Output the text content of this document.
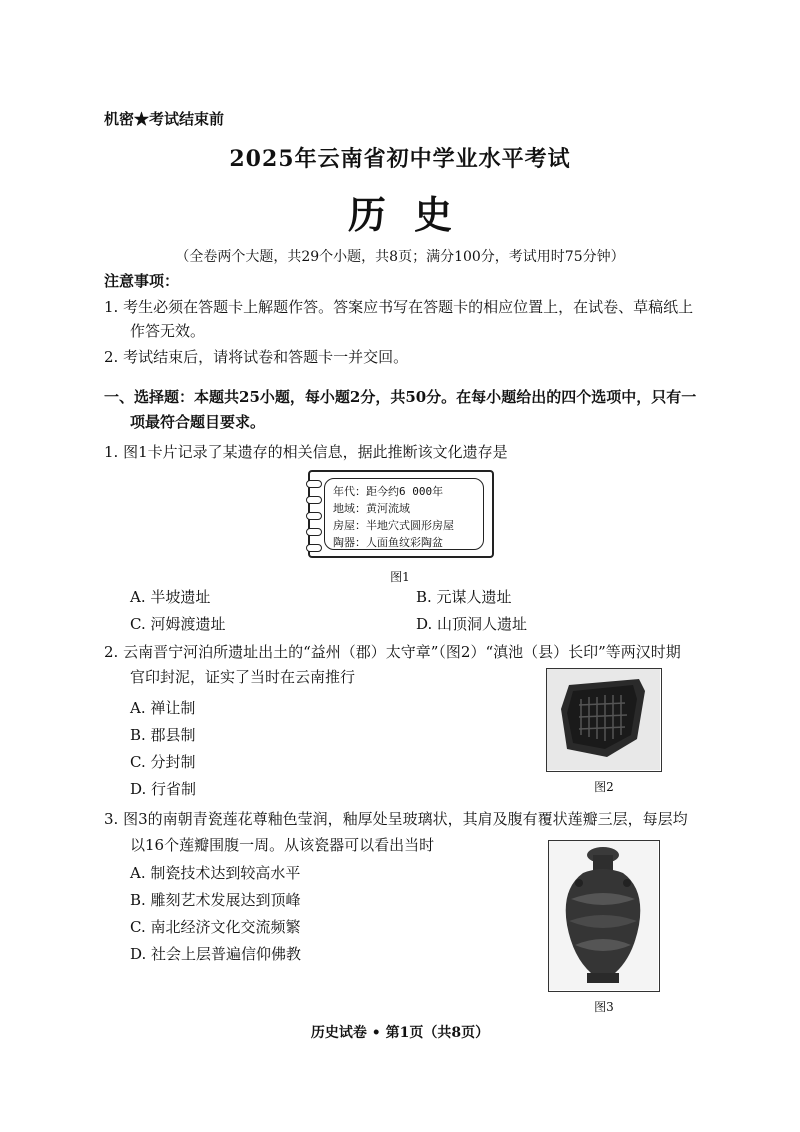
机密★考试结束前
2025年云南省初中学业水平考试
历史
（全卷两个大题，共29个小题，共8页；满分100分，考试用时75分钟）
注意事项：
1. 考生必须在答题卡上解题作答。答案应书写在答题卡的相应位置上，在试卷、草稿纸上
作答无效。
2. 考试结束后，请将试卷和答题卡一并交回。
一、选择题：本题共25小题，每小题2分，共50分。在每小题给出的四个选项中，只有一
项最符合题目要求。
1. 图1卡片记录了某遗存的相关信息，据此推断该文化遗存是
年代：距今约6 000年
地域：黄河流域
房屋：半地穴式圆形房屋
陶器：人面鱼纹彩陶盆
图1
A. 半坡遗址	B. 元谋人遗址
C. 河姆渡遗址	D. 山顶洞人遗址
2. 云南晋宁河泊所遗址出土的“益州（郡）太守章”（图2）“滇池（县）长印”等两汉时期
官印封泥，证实了当时在云南推行
A. 禅让制
B. 郡县制
C. 分封制
D. 行省制	图2
3. 图3的南朝青瓷莲花尊釉色莹润，釉厚处呈玻璃状，其肩及腹有覆状莲瓣三层，每层均
以16个莲瓣围腹一周。从该瓷器可以看出当时
A. 制瓷技术达到较高水平
B. 雕刻艺术发展达到顶峰
C. 南北经济文化交流频繁
D. 社会上层普遍信仰佛教
图3
历史试卷 • 第1页（共8页）
